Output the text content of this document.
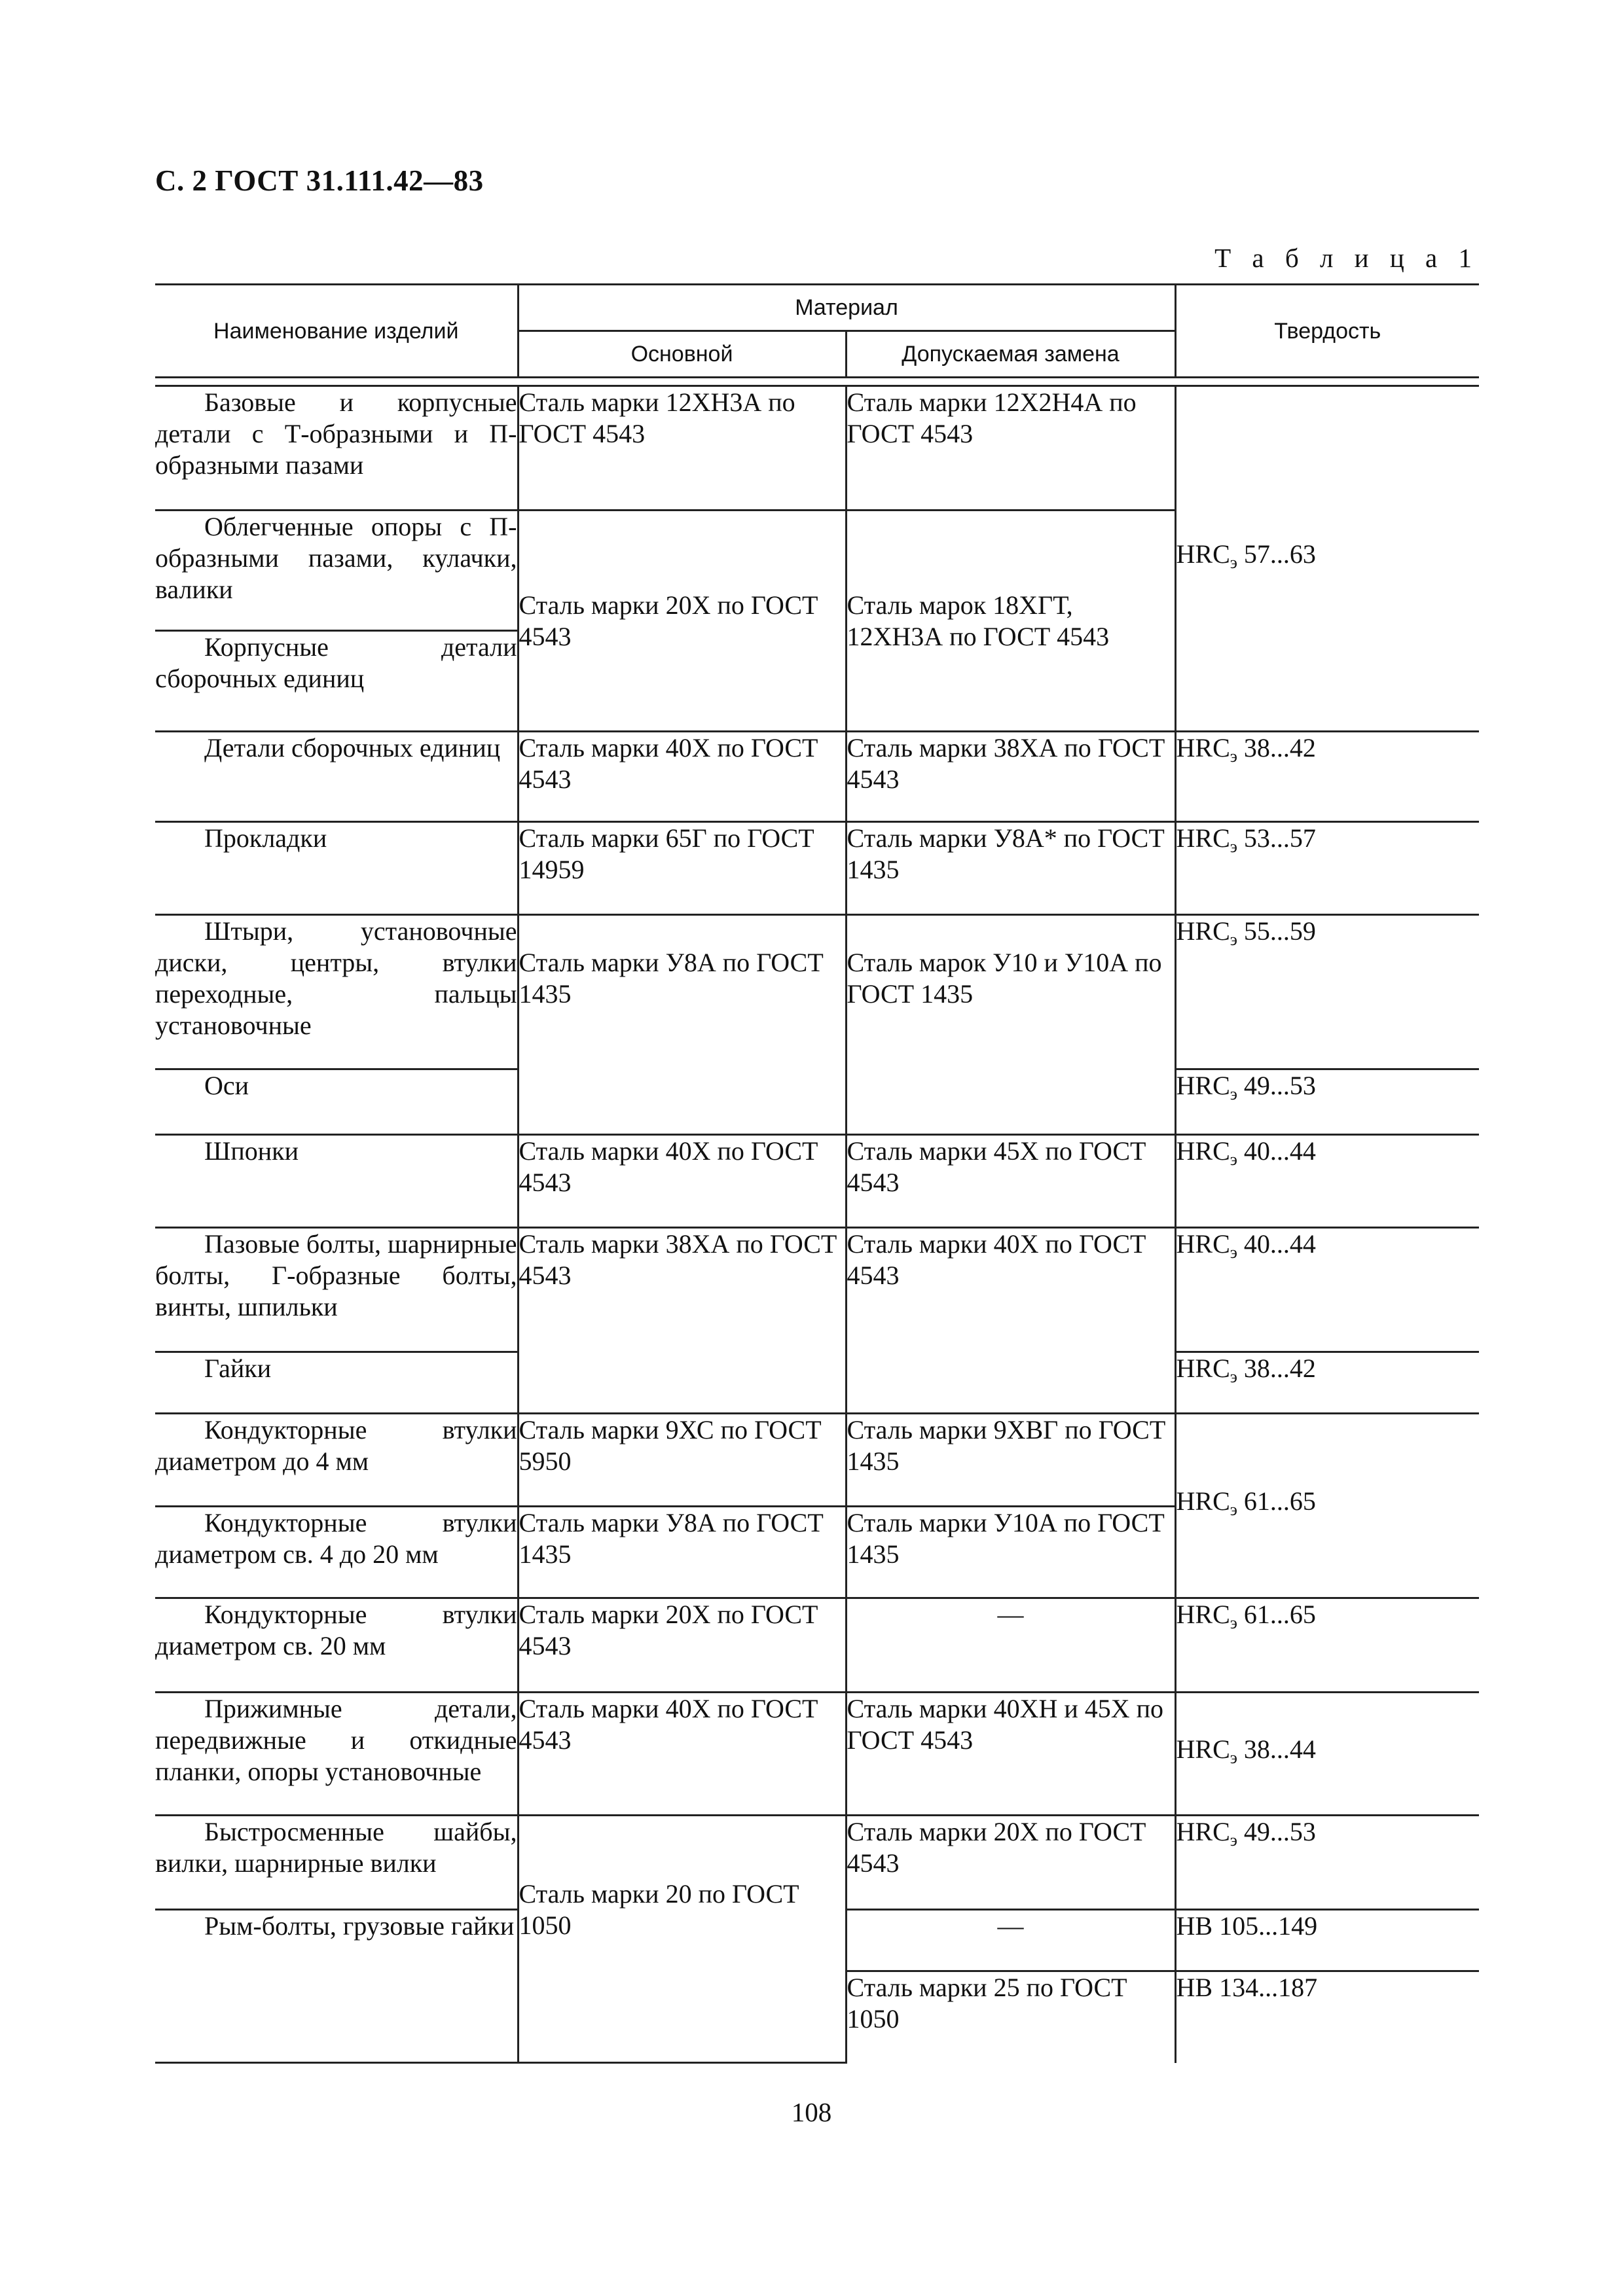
С. 2 ГОСТ 31.111.42—83
Т а б л и ц а 1
Наименование изделий	Материал		Твердость
	Основной	Допускаемая замена	

Базовые и корпусные детали с Т-образными и П-образными пазами	Сталь марки 12ХН3А по ГОСТ 4543	Сталь марки 12Х2Н4А по ГОСТ 4543	$HRC_э$ 57...63
Облегченные опоры с П-образными пазами, кулачки, валики	Сталь марки 20Х по ГОСТ 4543	Сталь марок 18ХГТ, 12ХН3А по ГОСТ 4543	
Корпусные детали сборочных единиц			
Детали сборочных единиц	Сталь марки 40Х по ГОСТ 4543	Сталь марки 38ХА по ГОСТ 4543	$HRC_э$ 38...42
Прокладки	Сталь марки 65Г по ГОСТ 14959	Сталь марки У8А* по ГОСТ 1435	$HRC_э$ 53...57
Штыри, установочные диски, центры, втулки переходные, пальцы установочные	Сталь марки У8А по ГОСТ 1435	Сталь марок У10 и У10А по ГОСТ 1435	$HRC_э$ 55...59
Оси			$HRC_э$ 49...53
Шпонки	Сталь марки 40Х по ГОСТ 4543	Сталь марки 45Х по ГОСТ 4543	$HRC_э$ 40...44
Пазовые болты, шарнирные болты, Г-образные болты, винты, шпильки	Сталь марки 38ХА по ГОСТ 4543	Сталь марки 40Х по ГОСТ 4543	$HRC_э$ 40...44
Гайки			$HRC_э$ 38...42
Кондукторные втулки диаметром до 4 мм	Сталь марки 9ХС по ГОСТ 5950	Сталь марки 9ХВГ по ГОСТ 1435	$HRC_э$ 61...65
Кондукторные втулки диаметром св. 4 до 20 мм	Сталь марки У8А по ГОСТ 1435	Сталь марки У10А по ГОСТ 1435	
Кондукторные втулки диаметром св. 20 мм	Сталь марки 20Х по ГОСТ 4543	—	$HRC_э$ 61...65
Прижимные детали, передвижные и откидные планки, опоры установочные	Сталь марки 40Х по ГОСТ 4543	Сталь марки 40ХН и 45Х по ГОСТ 4543	$HRC_э$ 38...44
Быстросменные шайбы, вилки, шарнирные вилки	Сталь марки 20 по ГОСТ 1050	Сталь марки 20Х по ГОСТ 4543	$HRC_э$ 49...53
Рым-болты, грузовые гайки		—	НВ 105...149
		Сталь марки 25 по ГОСТ 1050	НВ 134...187
108
